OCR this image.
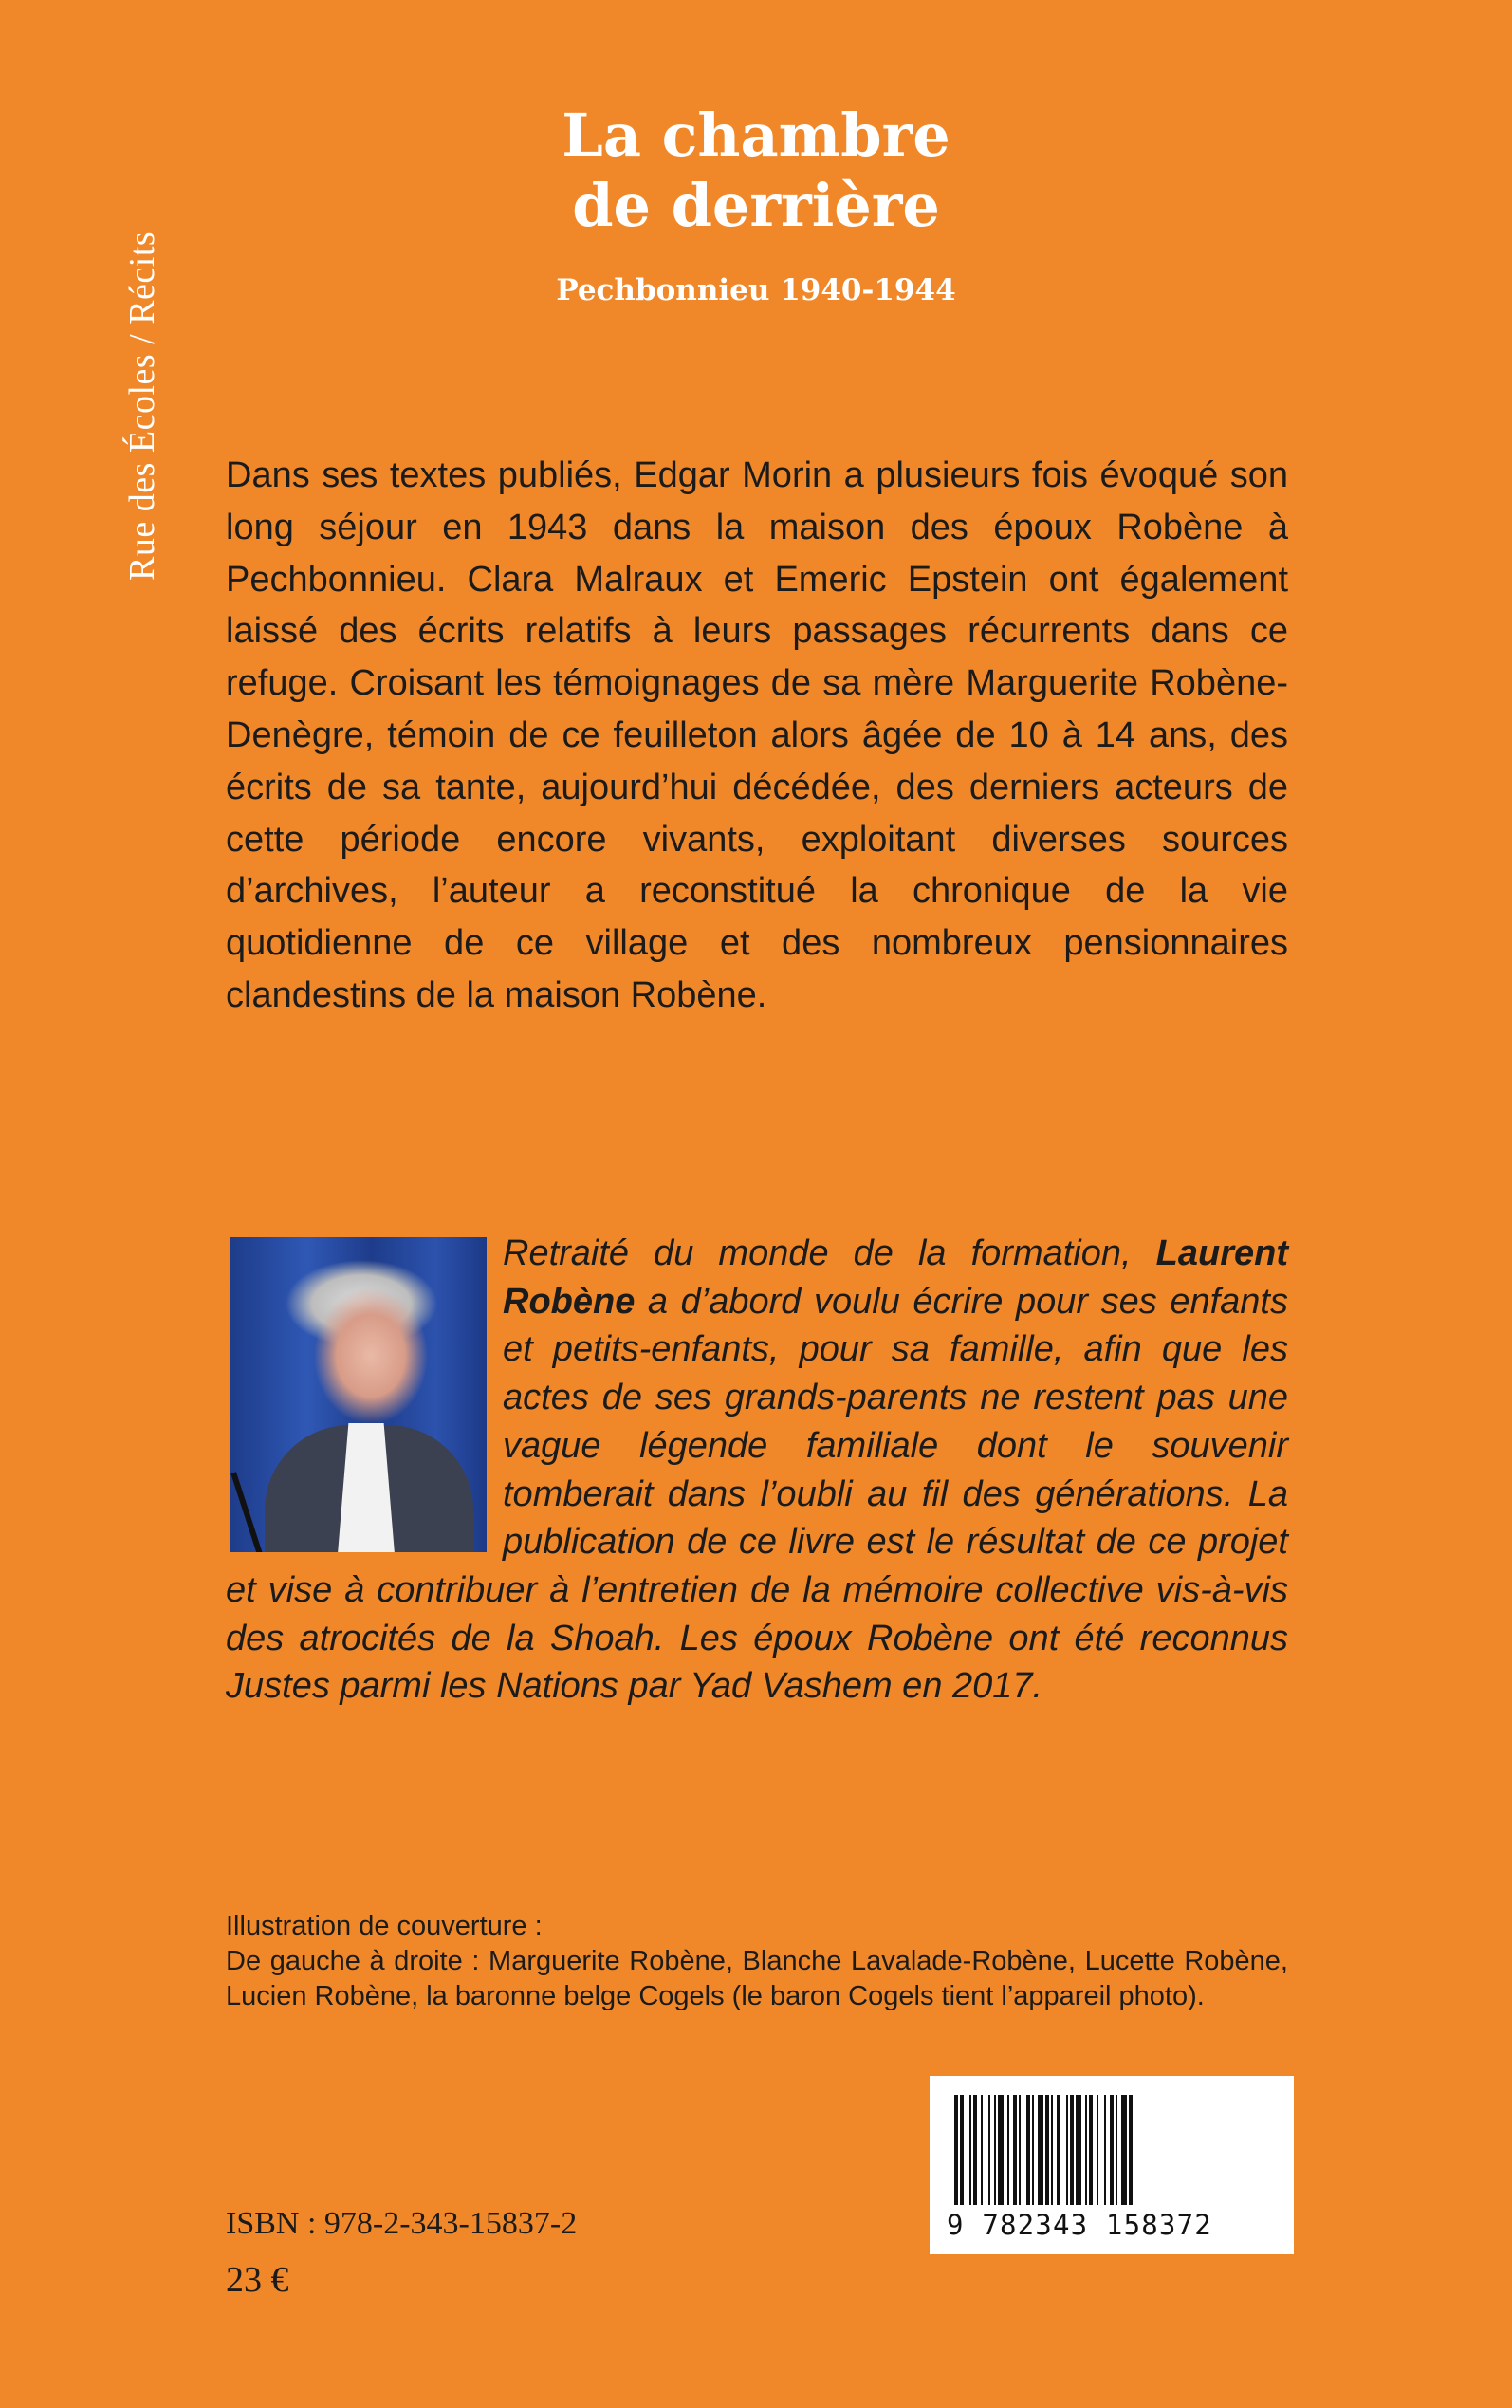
Rue des Écoles / Récits
La chambre
de derrière
Pechbonnieu 1940-1944

Dans ses textes publiés, Edgar Morin a plusieurs fois évoqué son long séjour en 1943 dans la maison des époux Robène à Pechbonnieu. Clara Malraux et Emeric Epstein ont également laissé des écrits relatifs à leurs passages récurrents dans ce refuge. Croisant les témoignages de sa mère Marguerite Robène-Denègre, témoin de ce feuilleton alors âgée de 10 à 14 ans, des écrits de sa tante, aujourd’hui décédée, des derniers acteurs de cette période encore vivants, exploitant diverses sources d’archives, l’auteur a reconstitué la chronique de la vie quotidienne de ce village et des nombreux pensionnaires clandestins de la maison Robène.

Retraité du monde de la formation, Laurent Robène a d’abord voulu écrire pour ses enfants et petits-enfants, pour sa famille, afin que les actes de ses grands-parents ne restent pas une vague légende familiale dont le souvenir tomberait dans l’oubli au fil des générations. La publication de ce livre est le résultat de ce projet et vise à contribuer à l’entretien de la mémoire collective vis-à-vis des atrocités de la Shoah. Les époux Robène ont été reconnus Justes parmi les Nations par Yad Vashem en 2017.

Illustration de couverture :
De gauche à droite : Marguerite Robène, Blanche Lavalade-Robène, Lucette Robène, Lucien Robène, la baronne belge Cogels (le baron Cogels tient l’appareil photo).
9 782343 158372
ISBN : 978-2-343-15837-2
23 €
